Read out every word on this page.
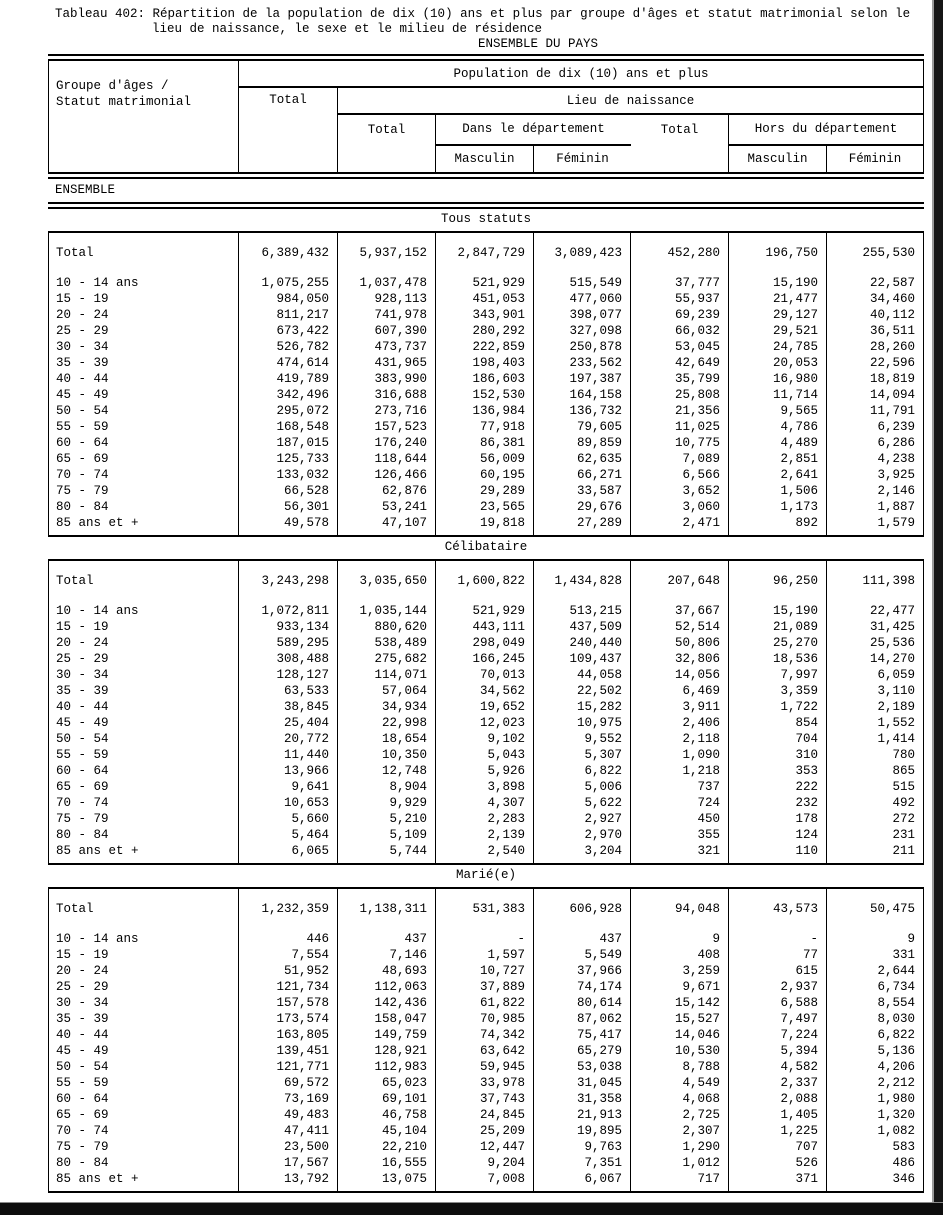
Tableau 402: Répartition de la population de dix (10) ans et plus par groupe d'âges et statut matrimonial selon le
lieu de naissance, le sexe et le milieu de résidence
ENSEMBLE DU PAYS
Groupe d'âges /
Statut matrimonial
Population de dix (10) ans et plus
Total	Lieu de naissance
Total	Dans le département	Total	Hors du département
Masculin	Féminin	Masculin	Féminin
ENSEMBLE
Tous statuts
Total	6,389,432	5,937,152	2,847,729	3,089,423	452,280	196,750	255,530
10 - 14 ans	1,075,255	1,037,478	521,929	515,549	37,777	15,190	22,587
15 - 19	984,050	928,113	451,053	477,060	55,937	21,477	34,460
20 - 24	811,217	741,978	343,901	398,077	69,239	29,127	40,112
25 - 29	673,422	607,390	280,292	327,098	66,032	29,521	36,511
30 - 34	526,782	473,737	222,859	250,878	53,045	24,785	28,260
35 - 39	474,614	431,965	198,403	233,562	42,649	20,053	22,596
40 - 44	419,789	383,990	186,603	197,387	35,799	16,980	18,819
45 - 49	342,496	316,688	152,530	164,158	25,808	11,714	14,094
50 - 54	295,072	273,716	136,984	136,732	21,356	9,565	11,791
55 - 59	168,548	157,523	77,918	79,605	11,025	4,786	6,239
60 - 64	187,015	176,240	86,381	89,859	10,775	4,489	6,286
65 - 69	125,733	118,644	56,009	62,635	7,089	2,851	4,238
70 - 74	133,032	126,466	60,195	66,271	6,566	2,641	3,925
75 - 79	66,528	62,876	29,289	33,587	3,652	1,506	2,146
80 - 84	56,301	53,241	23,565	29,676	3,060	1,173	1,887
85 ans et +	49,578	47,107	19,818	27,289	2,471	892	1,579
Célibataire
Total	3,243,298	3,035,650	1,600,822	1,434,828	207,648	96,250	111,398
10 - 14 ans	1,072,811	1,035,144	521,929	513,215	37,667	15,190	22,477
15 - 19	933,134	880,620	443,111	437,509	52,514	21,089	31,425
20 - 24	589,295	538,489	298,049	240,440	50,806	25,270	25,536
25 - 29	308,488	275,682	166,245	109,437	32,806	18,536	14,270
30 - 34	128,127	114,071	70,013	44,058	14,056	7,997	6,059
35 - 39	63,533	57,064	34,562	22,502	6,469	3,359	3,110
40 - 44	38,845	34,934	19,652	15,282	3,911	1,722	2,189
45 - 49	25,404	22,998	12,023	10,975	2,406	854	1,552
50 - 54	20,772	18,654	9,102	9,552	2,118	704	1,414
55 - 59	11,440	10,350	5,043	5,307	1,090	310	780
60 - 64	13,966	12,748	5,926	6,822	1,218	353	865
65 - 69	9,641	8,904	3,898	5,006	737	222	515
70 - 74	10,653	9,929	4,307	5,622	724	232	492
75 - 79	5,660	5,210	2,283	2,927	450	178	272
80 - 84	5,464	5,109	2,139	2,970	355	124	231
85 ans et +	6,065	5,744	2,540	3,204	321	110	211
Marié(e)
Total	1,232,359	1,138,311	531,383	606,928	94,048	43,573	50,475
10 - 14 ans	446	437	-	437	9	-	9
15 - 19	7,554	7,146	1,597	5,549	408	77	331
20 - 24	51,952	48,693	10,727	37,966	3,259	615	2,644
25 - 29	121,734	112,063	37,889	74,174	9,671	2,937	6,734
30 - 34	157,578	142,436	61,822	80,614	15,142	6,588	8,554
35 - 39	173,574	158,047	70,985	87,062	15,527	7,497	8,030
40 - 44	163,805	149,759	74,342	75,417	14,046	7,224	6,822
45 - 49	139,451	128,921	63,642	65,279	10,530	5,394	5,136
50 - 54	121,771	112,983	59,945	53,038	8,788	4,582	4,206
55 - 59	69,572	65,023	33,978	31,045	4,549	2,337	2,212
60 - 64	73,169	69,101	37,743	31,358	4,068	2,088	1,980
65 - 69	49,483	46,758	24,845	21,913	2,725	1,405	1,320
70 - 74	47,411	45,104	25,209	19,895	2,307	1,225	1,082
75 - 79	23,500	22,210	12,447	9,763	1,290	707	583
80 - 84	17,567	16,555	9,204	7,351	1,012	526	486
85 ans et +	13,792	13,075	7,008	6,067	717	371	346
